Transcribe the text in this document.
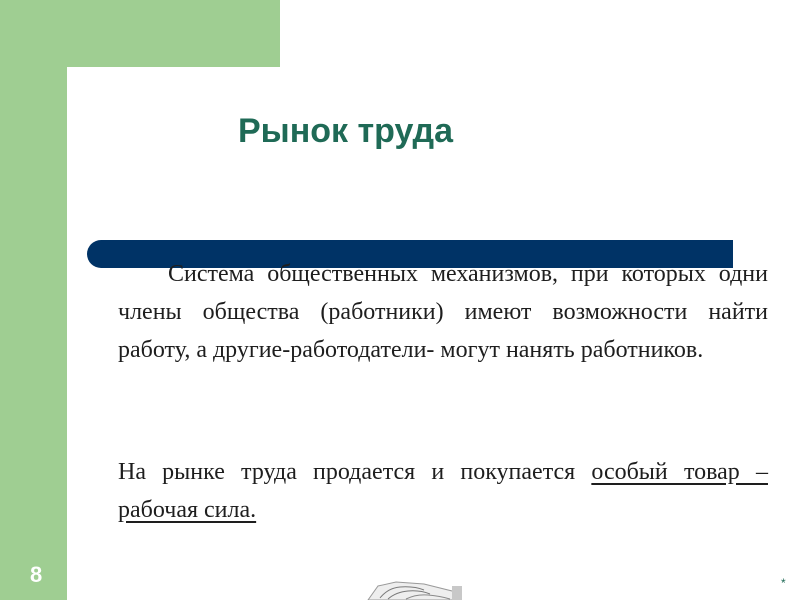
Рынок труда

Система общественных механизмов, при которых одни члены общества (работники) имеют возможности найти работу, а другие-работодатели- могут нанять работников.

На рынке труда продается и покупается особый товар – рабочая сила.

8	*
